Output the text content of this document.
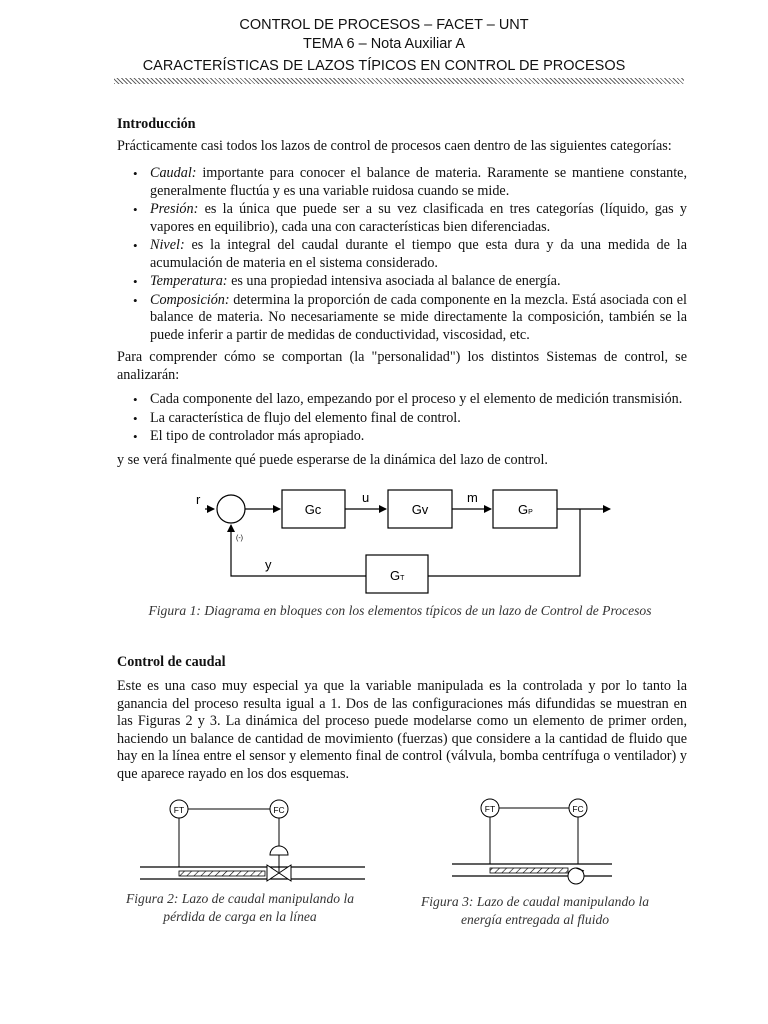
CONTROL DE PROCESOS – FACET – UNT
TEMA 6 – Nota Auxiliar A
CARACTERÍSTICAS DE LAZOS TÍPICOS EN CONTROL DE PROCESOS
Introducción
Prácticamente casi todos los lazos de control de procesos caen dentro de las siguientes categorías:
• Caudal: importante para conocer el balance de materia. Raramente se mantiene constante, generalmente fluctúa y es una variable ruidosa cuando se mide.
• Presión: es la única que puede ser a su vez clasificada en tres categorías (líquido, gas y vapores en equilibrio), cada una con características bien diferenciadas.
• Nivel: es la integral del caudal durante el tiempo que esta dura y da una medida de la acumulación de materia en el sistema considerado.
• Temperatura: es una propiedad intensiva asociada al balance de energía.
• Composición: determina la proporción de cada componente en la mezcla. Está asociada con el balance de materia. No necesariamente se mide directamente la composición, también se la puede inferir a partir de medidas de conductividad, viscosidad, etc.
Para comprender cómo se comportan (la "personalidad") los distintos Sistemas de control, se analizarán:
• Cada componente del lazo, empezando por el proceso y el elemento de medición transmisión.
• La característica de flujo del elemento final de control.
• El tipo de controlador más apropiado.
y se verá finalmente qué puede esperarse de la dinámica del lazo de control.
r
(-)
Gc
u
Gv
m
GP
GT
y
Figura 1: Diagrama en bloques con los elementos típicos de un lazo de Control de Procesos
Control de caudal
Este es una caso muy especial ya que la variable manipulada es la controlada y por lo tanto la ganancia del proceso resulta igual a 1. Dos de las configuraciones más difundidas se muestran en las Figuras 2 y 3. La dinámica del proceso puede modelarse como un elemento de primer orden, haciendo un balance de cantidad de movimiento (fuerzas) que considere a la cantidad de fluido que hay en la línea entre el sensor y elemento final de control (válvula, bomba centrífuga o ventilador) y que aparece rayado en los dos esquemas.
FT	FC
Figura 2: Lazo de caudal manipulando la
pérdida de carga en la línea
FT	FC
Figura 3: Lazo de caudal manipulando la
energía entregada al fluido
